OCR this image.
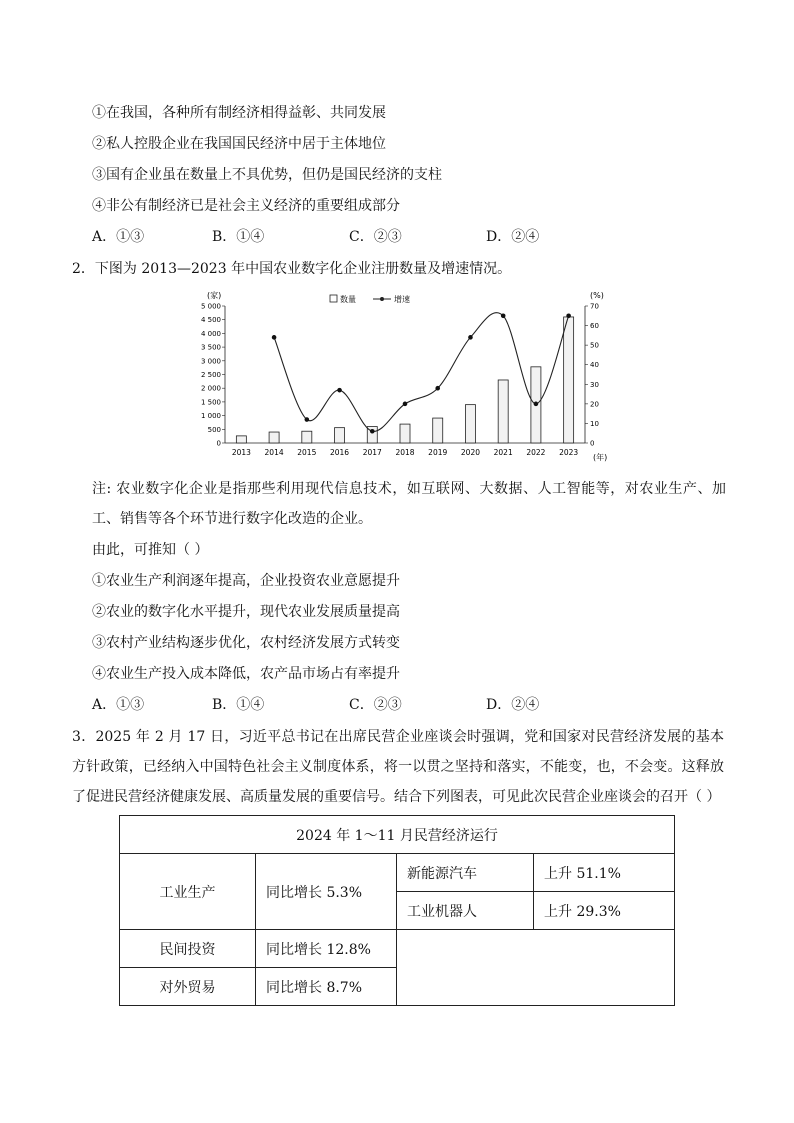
①在我国，各种所有制经济相得益彰、共同发展
②私人控股企业在我国国民经济中居于主体地位
③国有企业虽在数量上不具优势，但仍是国民经济的支柱
④非公有制经济已是社会主义经济的重要组成部分
A．①③	B．①④	C．②③	D．②④
2．下图为 2013—2023 年中国农业数字化企业注册数量及增速情况。
(家)	(%)
(年)
数量	增速
5 000
4 500
4 000
3 500
3 000
2 500
2 000
1 500
1 000
500
0
70
60
50
40
30
20
10
0
2013 2014 2015 2016 2017 2018 2019 2020 2021 2022 2023
注: 农业数字化企业是指那些利用现代信息技术，如互联网、大数据、人工智能等，对农业生产、加工、销售等各个环节进行数字化改造的企业。
由此，可推知（ ）
①农业生产利润逐年提高，企业投资农业意愿提升
②农业的数字化水平提升，现代农业发展质量提高
③农村产业结构逐步优化，农村经济发展方式转变
④农业生产投入成本降低，农产品市场占有率提升
A．①③	B．①④	C．②③	D．②④
3．2025 年 2 月 17 日，习近平总书记在出席民营企业座谈会时强调，党和国家对民营经济发展的基本方针政策，已经纳入中国特色社会主义制度体系，将一以贯之坚持和落实，不能变，也，不会变。这释放了促进民营经济健康发展、高质量发展的重要信号。结合下列图表，可见此次民营企业座谈会的召开（ ）
2024 年 1～11 月民营经济运行			
工业生产	同比增长 5.3%	新能源汽车	上升 51.1%
		工业机器人	上升 29.3%
民间投资	同比增长 12.8%		
对外贸易	同比增长 8.7%		
